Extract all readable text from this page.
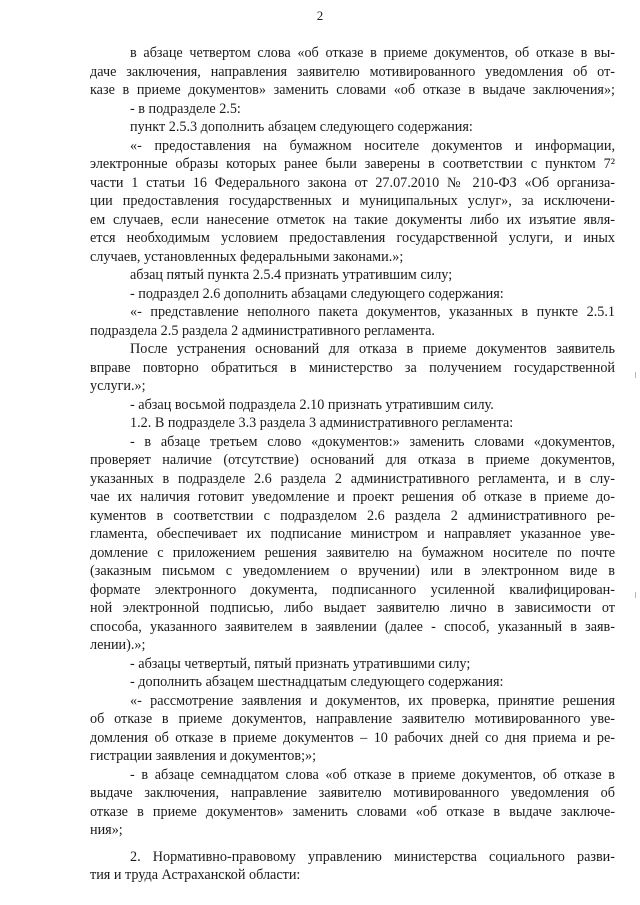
2
в абзаце четвертом слова «об отказе в приеме документов, об отказе в вы-
даче заключения, направления заявителю мотивированного уведомления об от-
казе в приеме документов» заменить словами «об отказе в выдаче заключения»;
- в подразделе 2.5:
пункт 2.5.3 дополнить абзацем следующего содержания:
«- предоставления на бумажном носителе документов и информации,
электронные образы которых ранее были заверены в соответствии с пунктом 7²
части 1 статьи 16 Федерального закона от 27.07.2010 № 210-ФЗ «Об организа-
ции предоставления государственных и муниципальных услуг», за исключени-
ем случаев, если нанесение отметок на такие документы либо их изъятие явля-
ется необходимым условием предоставления государственной услуги, и иных
случаев, установленных федеральными законами.»;
абзац пятый пункта 2.5.4 признать утратившим силу;
- подраздел 2.6 дополнить абзацами следующего содержания:
«- представление неполного пакета документов, указанных в пункте 2.5.1
подраздела 2.5 раздела 2 административного регламента.
После устранения оснований для отказа в приеме документов заявитель
вправе повторно обратиться в министерство за получением государственной
услуги.»;
- абзац восьмой подраздела 2.10 признать утратившим силу.
1.2. В подразделе 3.3 раздела 3 административного регламента:
- в абзаце третьем слово «документов:» заменить словами «документов,
проверяет наличие (отсутствие) оснований для отказа в приеме документов,
указанных в подразделе 2.6 раздела 2 административного регламента, и в слу-
чае их наличия готовит уведомление и проект решения об отказе в приеме до-
кументов в соответствии с подразделом 2.6 раздела 2 административного ре-
гламента, обеспечивает их подписание министром и направляет указанное уве-
домление с приложением решения заявителю на бумажном носителе по почте
(заказным письмом с уведомлением о вручении) или в электронном виде в
формате электронного документа, подписанного усиленной квалифицирован-
ной электронной подписью, либо выдает заявителю лично в зависимости от
способа, указанного заявителем в заявлении (далее - способ, указанный в заяв-
лении).»;
- абзацы четвертый, пятый признать утратившими силу;
- дополнить абзацем шестнадцатым следующего содержания:
«- рассмотрение заявления и документов, их проверка, принятие решения
об отказе в приеме документов, направление заявителю мотивированного уве-
домления об отказе в приеме документов – 10 рабочих дней со дня приема и ре-
гистрации заявления и документов;»;
- в абзаце семнадцатом слова «об отказе в приеме документов, об отказе в
выдаче заключения, направление заявителю мотивированного уведомления об
отказе в приеме документов» заменить словами «об отказе в выдаче заключе-
ния»;
2. Нормативно-правовому управлению министерства социального разви-
тия и труда Астраханской области:
